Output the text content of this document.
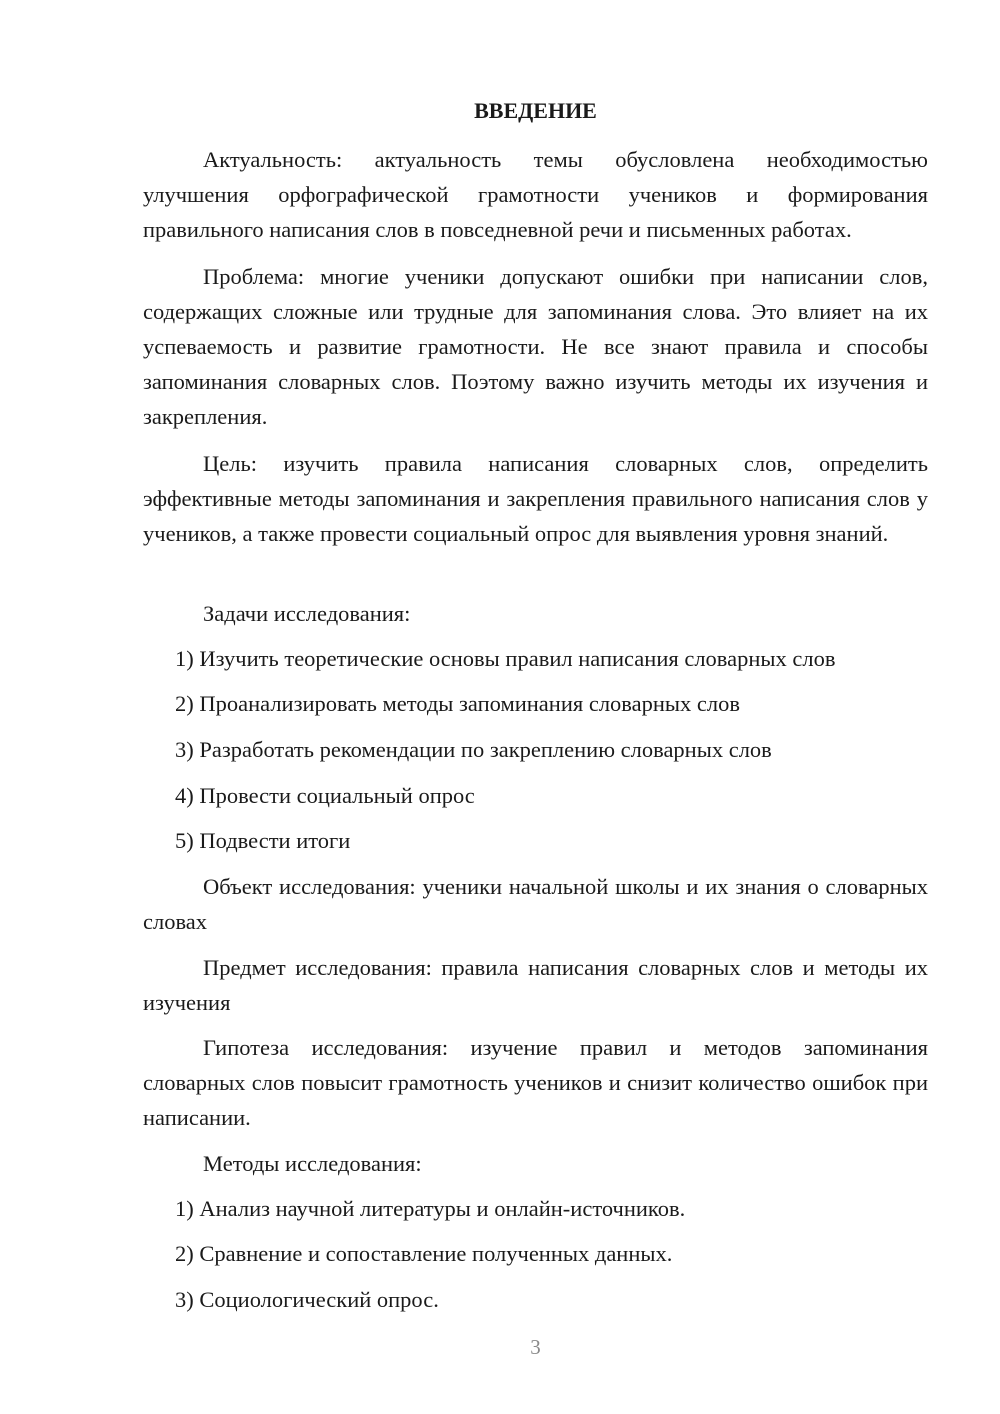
ВВЕДЕНИЕ

Актуальность: актуальность темы обусловлена необходимостью улучшения орфографической грамотности учеников и формирования правильного написания слов в повседневной речи и письменных работах.

Проблема: многие ученики допускают ошибки при написании слов, содержащих сложные или трудные для запоминания слова. Это влияет на их успеваемость и развитие грамотности. Не все знают правила и способы запоминания словарных слов. Поэтому важно изучить методы их изучения и закрепления.

Цель: изучить правила написания словарных слов, определить эффективные методы запоминания и закрепления правильного написания слов у учеников, а также провести социальный опрос для выявления уровня знаний.

Задачи исследования:

1) Изучить теоретические основы правил написания словарных слов

2) Проанализировать методы запоминания словарных слов

3) Разработать рекомендации по закреплению словарных слов

4) Провести социальный опрос

5) Подвести итоги

Объект исследования: ученики начальной школы и их знания о словарных словах

Предмет исследования: правила написания словарных слов и методы их изучения

Гипотеза исследования: изучение правил и методов запоминания словарных слов повысит грамотность учеников и снизит количество ошибок при написании.

Методы исследования:

1) Анализ научной литературы и онлайн-источников.

2) Сравнение и сопоставление полученных данных.

3) Социологический опрос.

3
